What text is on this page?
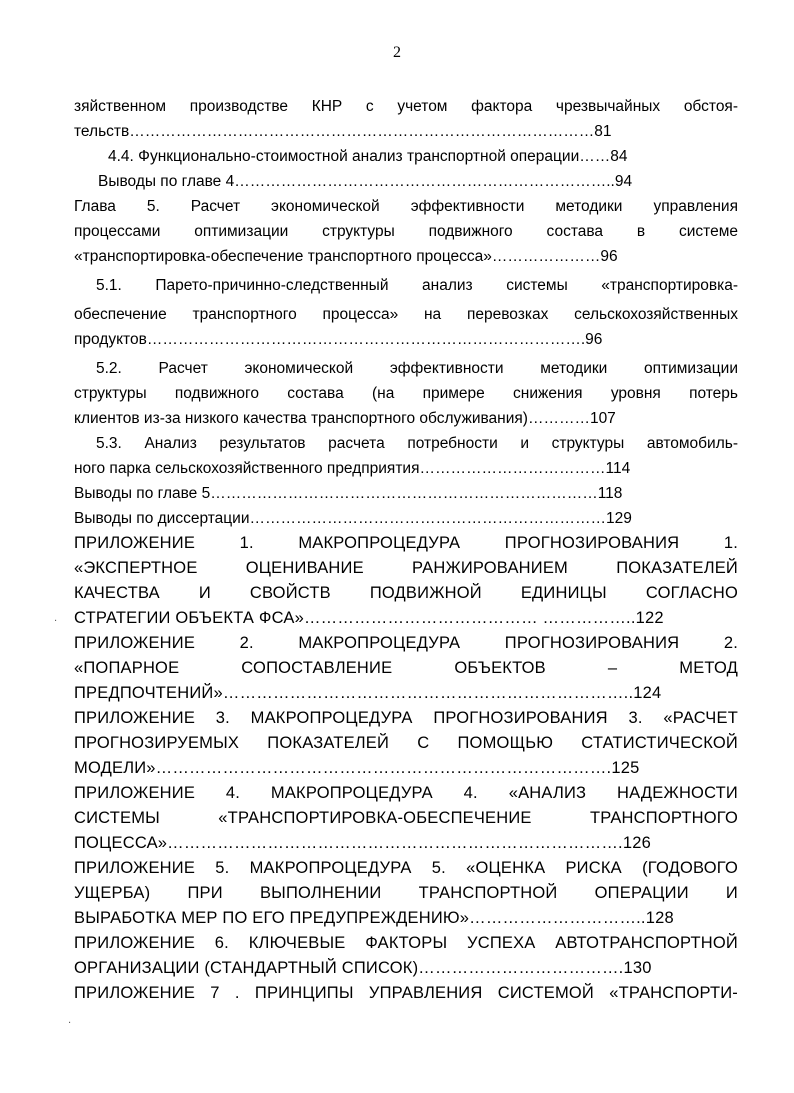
2
зяйственном производстве КНР с учетом фактора чрезвычайных обстоя-
тельств………………………………………………………………………………81
4.4. Функционально-стоимостной анализ транспортной операции……84
Выводы по главе 4………………………………………………………………..94
Глава 5. Расчет экономической эффективности методики управления
процессами оптимизации структуры подвижного состава в системе
«транспортировка-обеспечение транспортного процесса»…………………96
5.1. Парето-причинно-следственный анализ системы «транспортировка-
обеспечение транспортного процесса» на перевозках сельскохозяйственных
продуктов………………………………………………………………………….96
5.2. Расчет экономической эффективности методики оптимизации
структуры подвижного состава (на примере снижения уровня потерь
клиентов из-за низкого качества транспортного обслуживания)…………107
5.3. Анализ результатов расчета потребности и структуры автомобиль-
ного парка сельскохозяйственного предприятия………………………………114
Выводы по главе 5…………………………………………………………………118
Выводы по диссертации……………………………………………………………129
ПРИЛОЖЕНИЕ 1. МАКРОПРОЦЕДУРА ПРОГНОЗИРОВАНИЯ 1.
«ЭКСПЕРТНОЕ ОЦЕНИВАНИЕ РАНЖИРОВАНИЕМ ПОКАЗАТЕЛЕЙ
КАЧЕСТВА И СВОЙСТВ ПОДВИЖНОЙ ЕДИНИЦЫ СОГЛАСНО
СТРАТЕГИИ ОБЪЕКТА ФСА»…………………………………… ……………..122
ПРИЛОЖЕНИЕ 2. МАКРОПРОЦЕДУРА ПРОГНОЗИРОВАНИЯ 2.
«ПОПАРНОЕ СОПОСТАВЛЕНИЕ ОБЪЕКТОВ – МЕТОД
ПРЕДПОЧТЕНИЙ»………………………………………………………………..124
ПРИЛОЖЕНИЕ 3. МАКРОПРОЦЕДУРА ПРОГНОЗИРОВАНИЯ 3. «РАСЧЕТ
ПРОГНОЗИРУЕМЫХ ПОКАЗАТЕЛЕЙ С ПОМОЩЬЮ СТАТИСТИЧЕСКОЙ
МОДЕЛИ»……………………………………………………………………….125
ПРИЛОЖЕНИЕ 4. МАКРОПРОЦЕДУРА 4. «АНАЛИЗ НАДЕЖНОСТИ
СИСТЕМЫ «ТРАНСПОРТИРОВКА-ОБЕСПЕЧЕНИЕ ТРАНСПОРТНОГО
ПОЦЕССА»……………………………………………………………………….126
ПРИЛОЖЕНИЕ 5. МАКРОПРОЦЕДУРА 5. «ОЦЕНКА РИСКА (ГОДОВОГО
УЩЕРБА) ПРИ ВЫПОЛНЕНИИ ТРАНСПОРТНОЙ ОПЕРАЦИИ И
ВЫРАБОТКА МЕР ПО ЕГО ПРЕДУПРЕЖДЕНИЮ»…………………………..128
ПРИЛОЖЕНИЕ 6. КЛЮЧЕВЫЕ ФАКТОРЫ УСПЕХА АВТОТРАНСПОРТНОЙ
ОРГАНИЗАЦИИ (СТАНДАРТНЫЙ СПИСОК)……………………………….130
ПРИЛОЖЕНИЕ 7 . ПРИНЦИПЫ УПРАВЛЕНИЯ СИСТЕМОЙ «ТРАНСПОРТИ-
·
·
